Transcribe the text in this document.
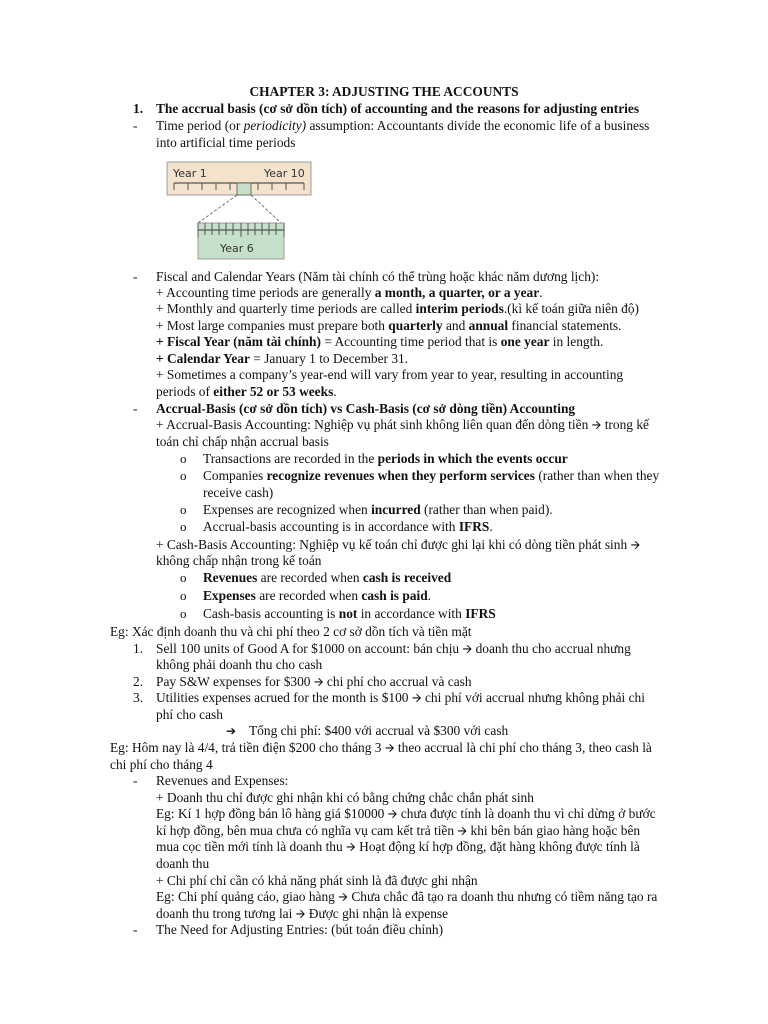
CHAPTER 3: ADJUSTING THE ACCOUNTS
1. The accrual basis (cơ sở dồn tích) of accounting and the reasons for adjusting entries
- Time period (or periodicity) assumption: Accountants divide the economic life of a business
into artificial time periods
Year 1	Year 10
Year 6
- Fiscal and Calendar Years (Năm tài chính có thể trùng hoặc khác năm dương lịch):
+ Accounting time periods are generally a month, a quarter, or a year.
+ Monthly and quarterly time periods are called interim periods.(kì kế toán giữa niên độ)
+ Most large companies must prepare both quarterly and annual financial statements.
+ Fiscal Year (năm tài chính) = Accounting time period that is one year in length.
+ Calendar Year = January 1 to December 31.
+ Sometimes a company’s year-end will vary from year to year, resulting in accounting
periods of either 52 or 53 weeks.
- Accrual-Basis (cơ sở dồn tích) vs Cash-Basis (cơ sở dòng tiền) Accounting
+ Accrual-Basis Accounting: Nghiệp vụ phát sinh không liên quan đến dòng tiền 🡪 trong kế
toán chỉ chấp nhận accrual basis
o Transactions are recorded in the periods in which the events occur
o Companies recognize revenues when they perform services (rather than when they
receive cash)
o Expenses are recognized when incurred (rather than when paid).
o Accrual-basis accounting is in accordance with IFRS.
+ Cash-Basis Accounting: Nghiệp vụ kế toán chỉ được ghi lại khi có dòng tiền phát sinh 🡪
không chấp nhận trong kế toán
o Revenues are recorded when cash is received
o Expenses are recorded when cash is paid.
o Cash-basis accounting is not in accordance with IFRS
Eg: Xác định doanh thu và chi phí theo 2 cơ sở dồn tích và tiền mặt
1. Sell 100 units of Good A for $1000 on account: bán chịu 🡪 doanh thu cho accrual nhưng
không phải doanh thu cho cash
2. Pay S&W expenses for $300 🡪 chi phí cho accrual và cash
3. Utilities expenses acrued for the month is $100 🡪 chi phí với accrual nhưng không phải chi
phí cho cash
➔ Tổng chi phí: $400 với accrual và $300 với cash
Eg: Hôm nay là 4/4, trả tiền điện $200 cho tháng 3 🡪 theo accrual là chi phí cho tháng 3, theo cash là
chi phí cho tháng 4
- Revenues and Expenses:
+ Doanh thu chỉ được ghi nhận khi có bằng chứng chắc chắn phát sinh
Eg: Kí 1 hợp đồng bán lô hàng giá $10000 🡪 chưa được tính là doanh thu vì chỉ dừng ở bước
kí hợp đồng, bên mua chưa có nghĩa vụ cam kết trả tiền 🡪 khi bên bán giao hàng hoặc bên
mua cọc tiền mới tính là doanh thu 🡪 Hoạt động kí hợp đồng, đặt hàng không được tính là
doanh thu
+ Chi phí chỉ cần có khả năng phát sinh là đã được ghi nhận
Eg: Chi phí quảng cáo, giao hàng 🡪 Chưa chắc đã tạo ra doanh thu nhưng có tiềm năng tạo ra
doanh thu trong tương lai 🡪 Được ghi nhận là expense
- The Need for Adjusting Entries: (bút toán điều chỉnh)
